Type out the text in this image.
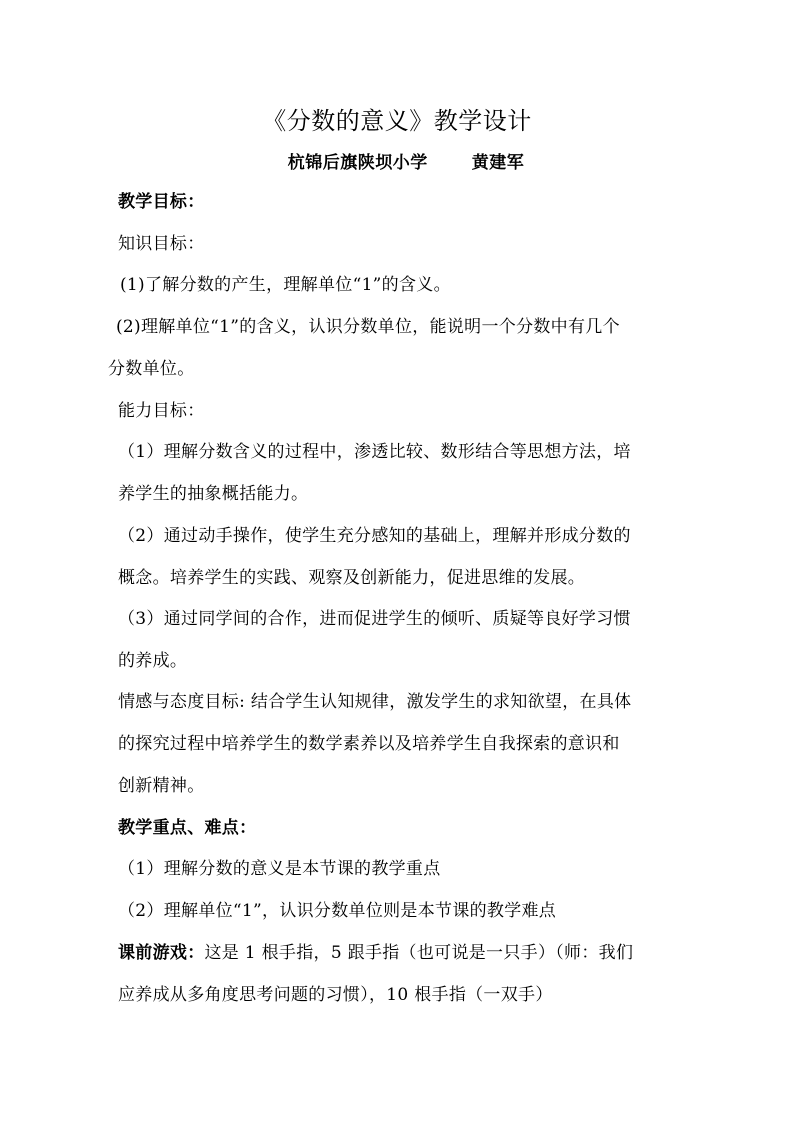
《分数的意义》教学设计
杭锦后旗陕坝小学	黄建军
教学目标：
知识目标：
(1)了解分数的产生，理解单位“1”的含义。
(2)理解单位“1”的含义，认识分数单位，能说明一个分数中有几个
分数单位。
能力目标：
（1）理解分数含义的过程中，渗透比较、数形结合等思想方法，培
养学生的抽象概括能力。
（2）通过动手操作，使学生充分感知的基础上，理解并形成分数的
概念。培养学生的实践、观察及创新能力，促进思维的发展。
（3）通过同学间的合作，进而促进学生的倾听、质疑等良好学习惯
的养成。
情感与态度目标: 结合学生认知规律，激发学生的求知欲望，在具体
的探究过程中培养学生的数学素养以及培养学生自我探索的意识和
创新精神。
教学重点、难点：
（1）理解分数的意义是本节课的教学重点
（2）理解单位“1”，认识分数单位则是本节课的教学难点
课前游戏：这是 1 根手指，5 跟手指（也可说是一只手）（师：我们
应养成从多角度思考问题的习惯），10 根手指（一双手）
